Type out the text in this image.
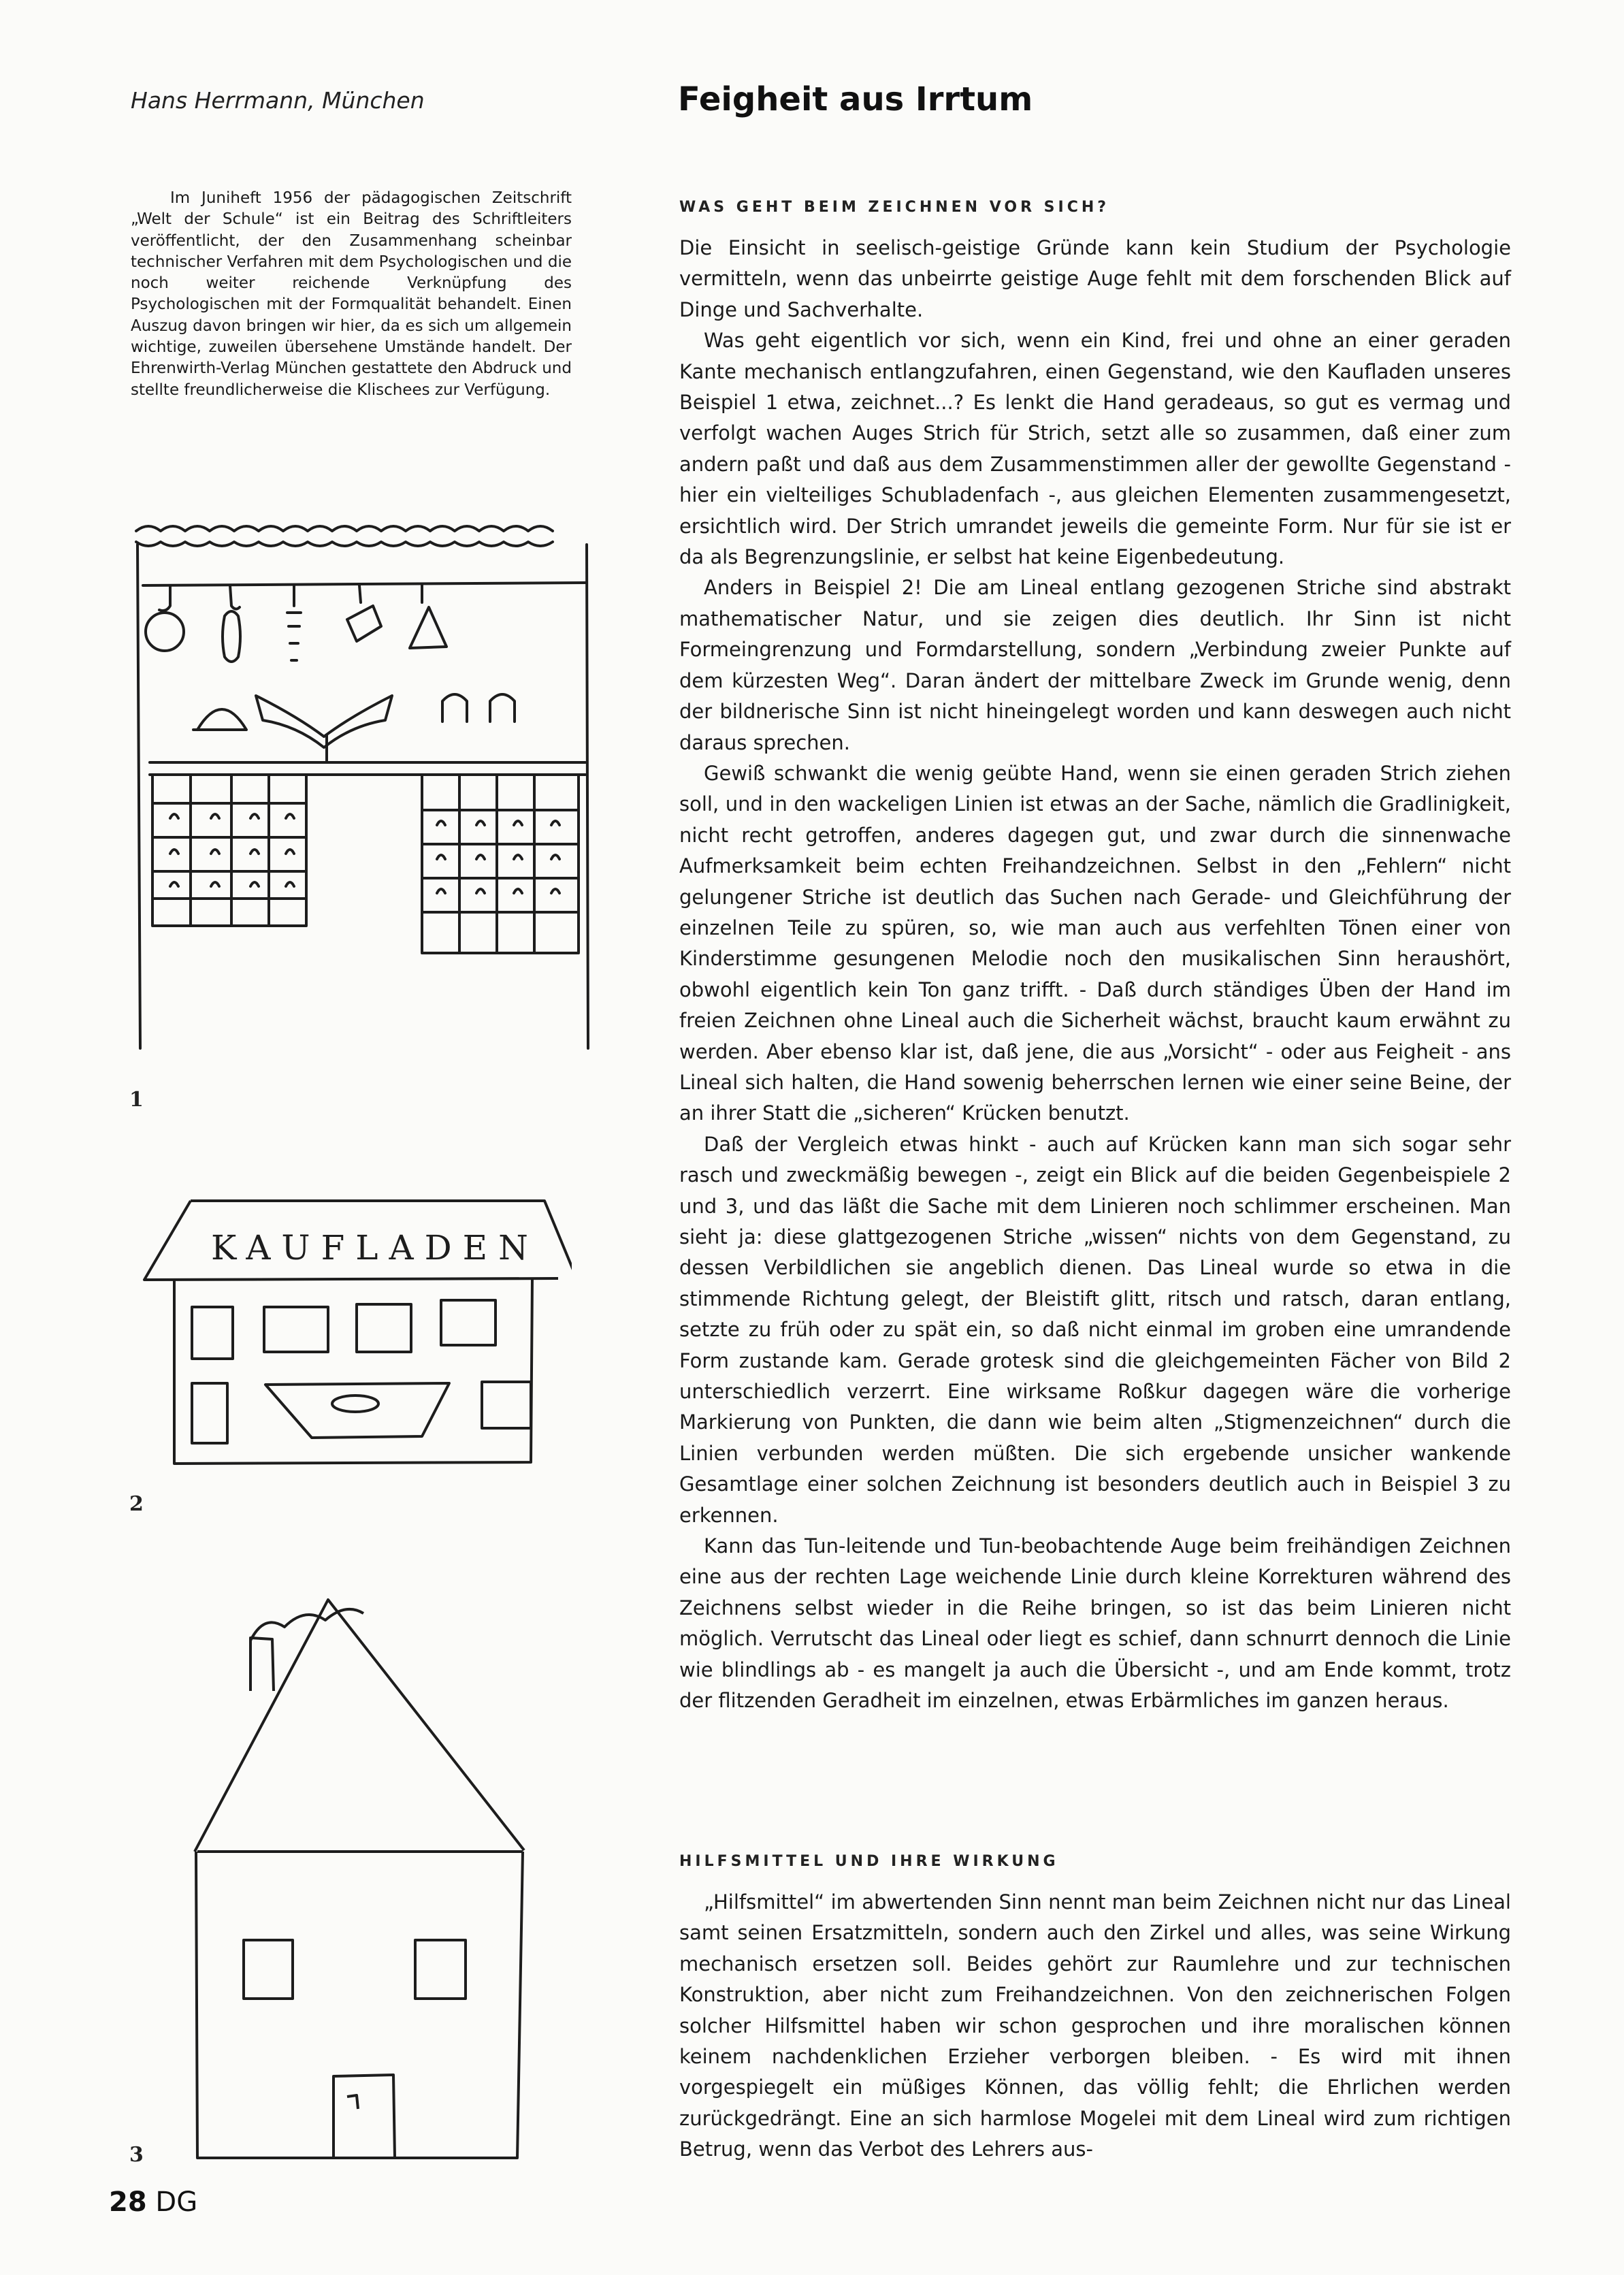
Hans Herrmann, München	Feigheit aus Irrtum

Im Juniheft 1956 der pädagogischen Zeitschrift „Welt der Schule“ ist ein Beitrag des Schriftleiters veröffentlicht, der den Zusammenhang scheinbar technischer Verfahren mit dem Psychologischen und die noch weiter reichende Verknüpfung des Psychologischen mit der Formqualität behandelt. Einen Auszug davon bringen wir hier, da es sich um allgemein wichtige, zuweilen übersehene Umstände handelt. Der Ehrenwirth-Verlag München gestattete den Abdruck und stellte freundlicherweise die Klischees zur Verfügung.

1
KAUFLADEN
2
3
WAS GEHT BEIM ZEICHNEN VOR SICH?

Die Einsicht in seelisch-geistige Gründe kann kein Studium der Psychologie vermitteln, wenn das unbeirrte geistige Auge fehlt mit dem forschenden Blick auf Dinge und Sachverhalte.

Was geht eigentlich vor sich, wenn ein Kind, frei und ohne an einer geraden Kante mechanisch entlangzufahren, einen Gegenstand, wie den Kaufladen unseres Beispiel 1 etwa, zeichnet...? Es lenkt die Hand geradeaus, so gut es vermag und verfolgt wachen Auges Strich für Strich, setzt alle so zusammen, daß einer zum andern paßt und daß aus dem Zusammenstimmen aller der gewollte Gegenstand - hier ein vielteiliges Schubladenfach -, aus gleichen Elementen zusammengesetzt, ersichtlich wird. Der Strich umrandet jeweils die gemeinte Form. Nur für sie ist er da als Begrenzungslinie, er selbst hat keine Eigenbedeutung.

Anders in Beispiel 2! Die am Lineal entlang gezogenen Striche sind abstrakt mathematischer Natur, und sie zeigen dies deutlich. Ihr Sinn ist nicht Formeingrenzung und Formdarstellung, sondern „Verbindung zweier Punkte auf dem kürzesten Weg“. Daran ändert der mittelbare Zweck im Grunde wenig, denn der bildnerische Sinn ist nicht hineingelegt worden und kann deswegen auch nicht daraus sprechen.

Gewiß schwankt die wenig geübte Hand, wenn sie einen geraden Strich ziehen soll, und in den wackeligen Linien ist etwas an der Sache, nämlich die Gradlinigkeit, nicht recht getroffen, anderes dagegen gut, und zwar durch die sinnenwache Aufmerksamkeit beim echten Freihandzeichnen. Selbst in den „Fehlern“ nicht gelungener Striche ist deutlich das Suchen nach Gerade- und Gleichführung der einzelnen Teile zu spüren, so, wie man auch aus verfehlten Tönen einer von Kinderstimme gesungenen Melodie noch den musikalischen Sinn heraushört, obwohl eigentlich kein Ton ganz trifft. - Daß durch ständiges Üben der Hand im freien Zeichnen ohne Lineal auch die Sicherheit wächst, braucht kaum erwähnt zu werden. Aber ebenso klar ist, daß jene, die aus „Vorsicht“ - oder aus Feigheit - ans Lineal sich halten, die Hand sowenig beherrschen lernen wie einer seine Beine, der an ihrer Statt die „sicheren“ Krücken benutzt.

Daß der Vergleich etwas hinkt - auch auf Krücken kann man sich sogar sehr rasch und zweckmäßig bewegen -, zeigt ein Blick auf die beiden Gegenbeispiele 2 und 3, und das läßt die Sache mit dem Linieren noch schlimmer erscheinen. Man sieht ja: diese glattgezogenen Striche „wissen“ nichts von dem Gegenstand, zu dessen Verbildlichen sie angeblich dienen. Das Lineal wurde so etwa in die stimmende Richtung gelegt, der Bleistift glitt, ritsch und ratsch, daran entlang, setzte zu früh oder zu spät ein, so daß nicht einmal im groben eine umrandende Form zustande kam. Gerade grotesk sind die gleichgemeinten Fächer von Bild 2 unterschiedlich verzerrt. Eine wirksame Roßkur dagegen wäre die vorherige Markierung von Punkten, die dann wie beim alten „Stigmenzeichnen“ durch die Linien verbunden werden müßten. Die sich ergebende unsicher wankende Gesamtlage einer solchen Zeichnung ist besonders deutlich auch in Beispiel 3 zu erkennen.

Kann das Tun-leitende und Tun-beobachtende Auge beim freihändigen Zeichnen eine aus der rechten Lage weichende Linie durch kleine Korrekturen während des Zeichnens selbst wieder in die Reihe bringen, so ist das beim Linieren nicht möglich. Verrutscht das Lineal oder liegt es schief, dann schnurrt dennoch die Linie wie blindlings ab - es mangelt ja auch die Übersicht -, und am Ende kommt, trotz der flitzenden Geradheit im einzelnen, etwas Erbärmliches im ganzen heraus.

HILFSMITTEL UND IHRE WIRKUNG

„Hilfsmittel“ im abwertenden Sinn nennt man beim Zeichnen nicht nur das Lineal samt seinen Ersatzmitteln, sondern auch den Zirkel und alles, was seine Wirkung mechanisch ersetzen soll. Beides gehört zur Raumlehre und zur technischen Konstruktion, aber nicht zum Freihandzeichnen. Von den zeichnerischen Folgen solcher Hilfsmittel haben wir schon gesprochen und ihre moralischen können keinem nachdenklichen Erzieher verborgen bleiben. - Es wird mit ihnen vorgespiegelt ein müßiges Können, das völlig fehlt; die Ehrlichen werden zurückgedrängt. Eine an sich harmlose Mogelei mit dem Lineal wird zum richtigen Betrug, wenn das Verbot des Lehrers aus-

28 DG
